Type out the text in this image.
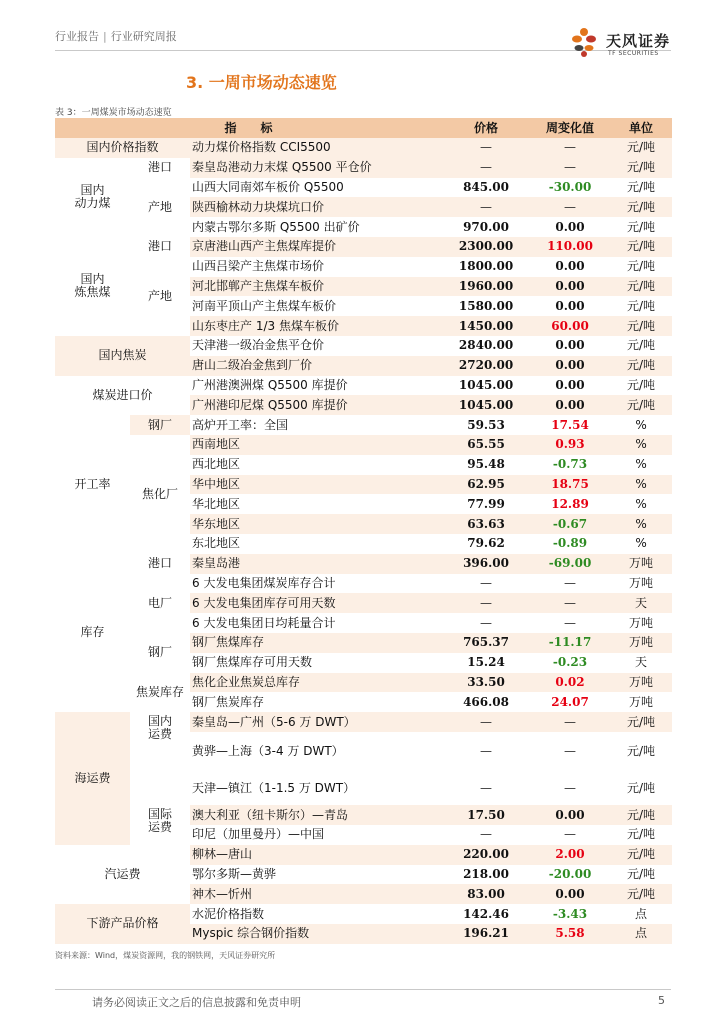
行业报告 | 行业研究周报	天风证券
TF SECURITIES
3. 一周市场动态速览
表 3：一周煤炭市场动态速览
指　　标			价格	周变化值	单位
国内价格指数		动力煤价格指数 CCI5500	—	—	元/吨
国内
动力煤	港口	秦皇岛港动力末煤 Q5500 平仓价	—	—	元/吨
	产地	山西大同南郊车板价 Q5500	845.00	-30.00	元/吨
		陕西榆林动力块煤坑口价	—	—	元/吨
		内蒙古鄂尔多斯 Q5500 出矿价	970.00	0.00	元/吨
国内
炼焦煤	港口	京唐港山西产主焦煤库提价	2300.00	110.00	元/吨
	产地	山西吕梁产主焦煤市场价	1800.00	0.00	元/吨
		河北邯郸产主焦煤车板价	1960.00	0.00	元/吨
		河南平顶山产主焦煤车板价	1580.00	0.00	元/吨
		山东枣庄产 1/3 焦煤车板价	1450.00	60.00	元/吨
国内焦炭		天津港一级冶金焦平仓价	2840.00	0.00	元/吨
		唐山二级冶金焦到厂价	2720.00	0.00	元/吨
煤炭进口价		广州港澳洲煤 Q5500 库提价	1045.00	0.00	元/吨
		广州港印尼煤 Q5500 库提价	1045.00	0.00	元/吨
开工率	钢厂	高炉开工率：全国	59.53	17.54	%
	焦化厂	西南地区	65.55	0.93	%
		西北地区	95.48	-0.73	%
		华中地区	62.95	18.75	%
		华北地区	77.99	12.89	%
		华东地区	63.63	-0.67	%
		东北地区	79.62	-0.89	%
库存	港口	秦皇岛港	396.00	-69.00	万吨
	电厂	6 大发电集团煤炭库存合计	—	—	万吨
		6 大发电集团库存可用天数	—	—	天
		6 大发电集团日均耗量合计	—	—	万吨
	钢厂	钢厂焦煤库存	765.37	-11.17	万吨
		钢厂焦煤库存可用天数	15.24	-0.23	天
	焦炭库存	焦化企业焦炭总库存	33.50	0.02	万吨
		钢厂焦炭库存	466.08	24.07	万吨
海运费	国内
运费	秦皇岛—广州（5-6 万 DWT）	—	—	元/吨
		黄骅—上海（3-4 万 DWT）	—	—	元/吨
		天津—镇江（1-1.5 万 DWT）	—	—	元/吨
	国际
运费	澳大利亚（纽卡斯尔）—青岛	17.50	0.00	元/吨
		印尼（加里曼丹）—中国	—	—	元/吨
汽运费		柳林—唐山	220.00	2.00	元/吨
		鄂尔多斯—黄骅	218.00	-20.00	元/吨
		神木—忻州	83.00	0.00	元/吨
下游产品价格		水泥价格指数	142.46	-3.43	点
		Myspic 综合钢价指数	196.21	5.58	点
资料来源：Wind，煤炭资源网，我的钢铁网，天风证券研究所
请务必阅读正文之后的信息披露和免责申明	5
